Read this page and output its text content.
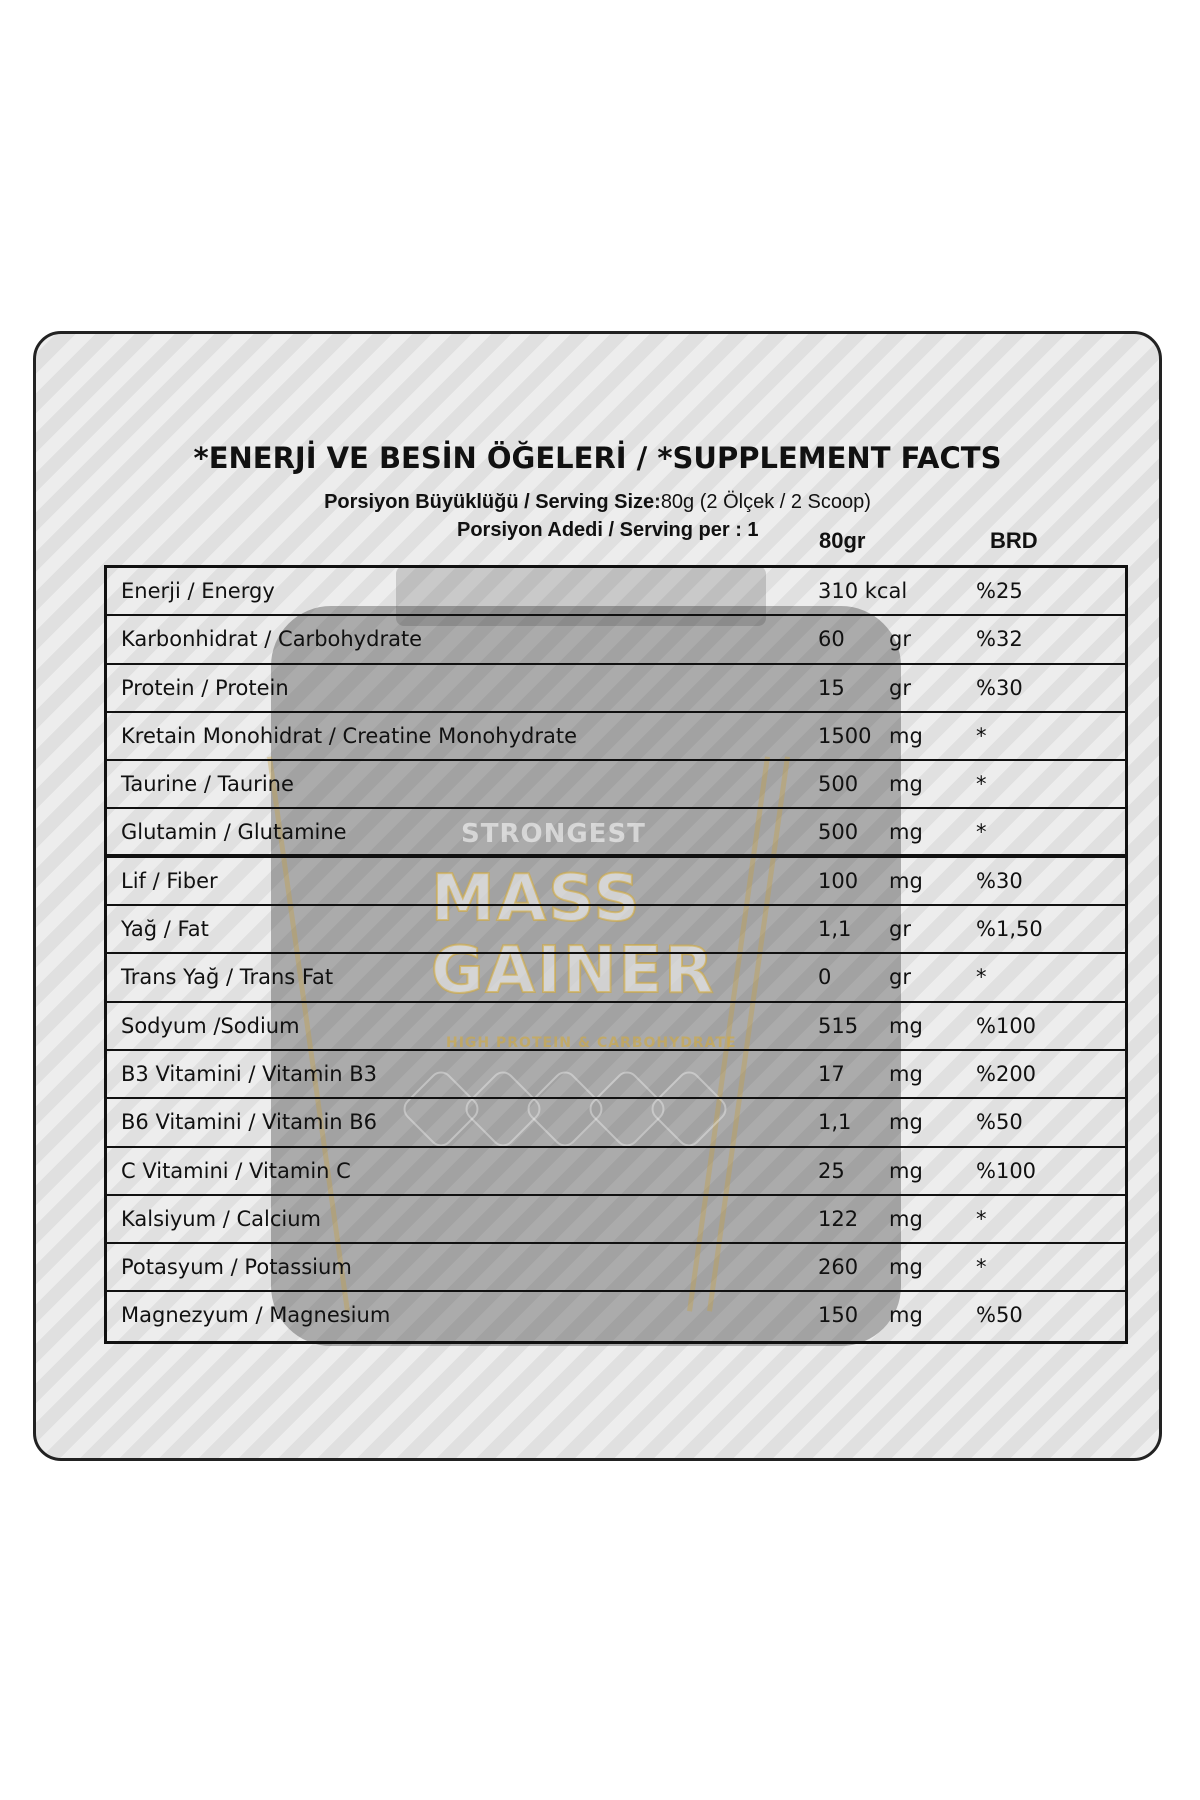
STRONGEST
MASS
GAINER
HIGH PROTEIN & CARBOHYDRATE
*ENERJİ VE BESİN ÖĞELERİ / *SUPPLEMENT FACTS
Porsiyon Büyüklüğü / Serving Size:80g (2 Ölçek / 2 Scoop)
Porsiyon Adedi / Serving per : 1	80gr	BRD
Enerji / Energy	310 kcal	%25
Karbonhidrat / Carbohydrate	60 gr	%32
Protein / Protein	15 gr	%30
Kretain Monohidrat / Creatine Monohydrate	1500 mg	*
Taurine / Taurine	500 mg	*
Glutamin / Glutamine	500 mg	*
Lif / Fiber	100 mg	%30
Yağ / Fat	1,1 gr	%1,50
Trans Yağ / Trans Fat	0	gr	*
Sodyum /Sodium	515 mg	%100
B3 Vitamini / Vitamin B3	17 mg	%200
B6 Vitamini / Vitamin B6	1,1 mg	%50
C Vitamini / Vitamin C	25 mg	%100
Kalsiyum / Calcium	122 mg	*
Potasyum / Potassium	260 mg	*
Magnezyum / Magnesium	150 mg	%50
